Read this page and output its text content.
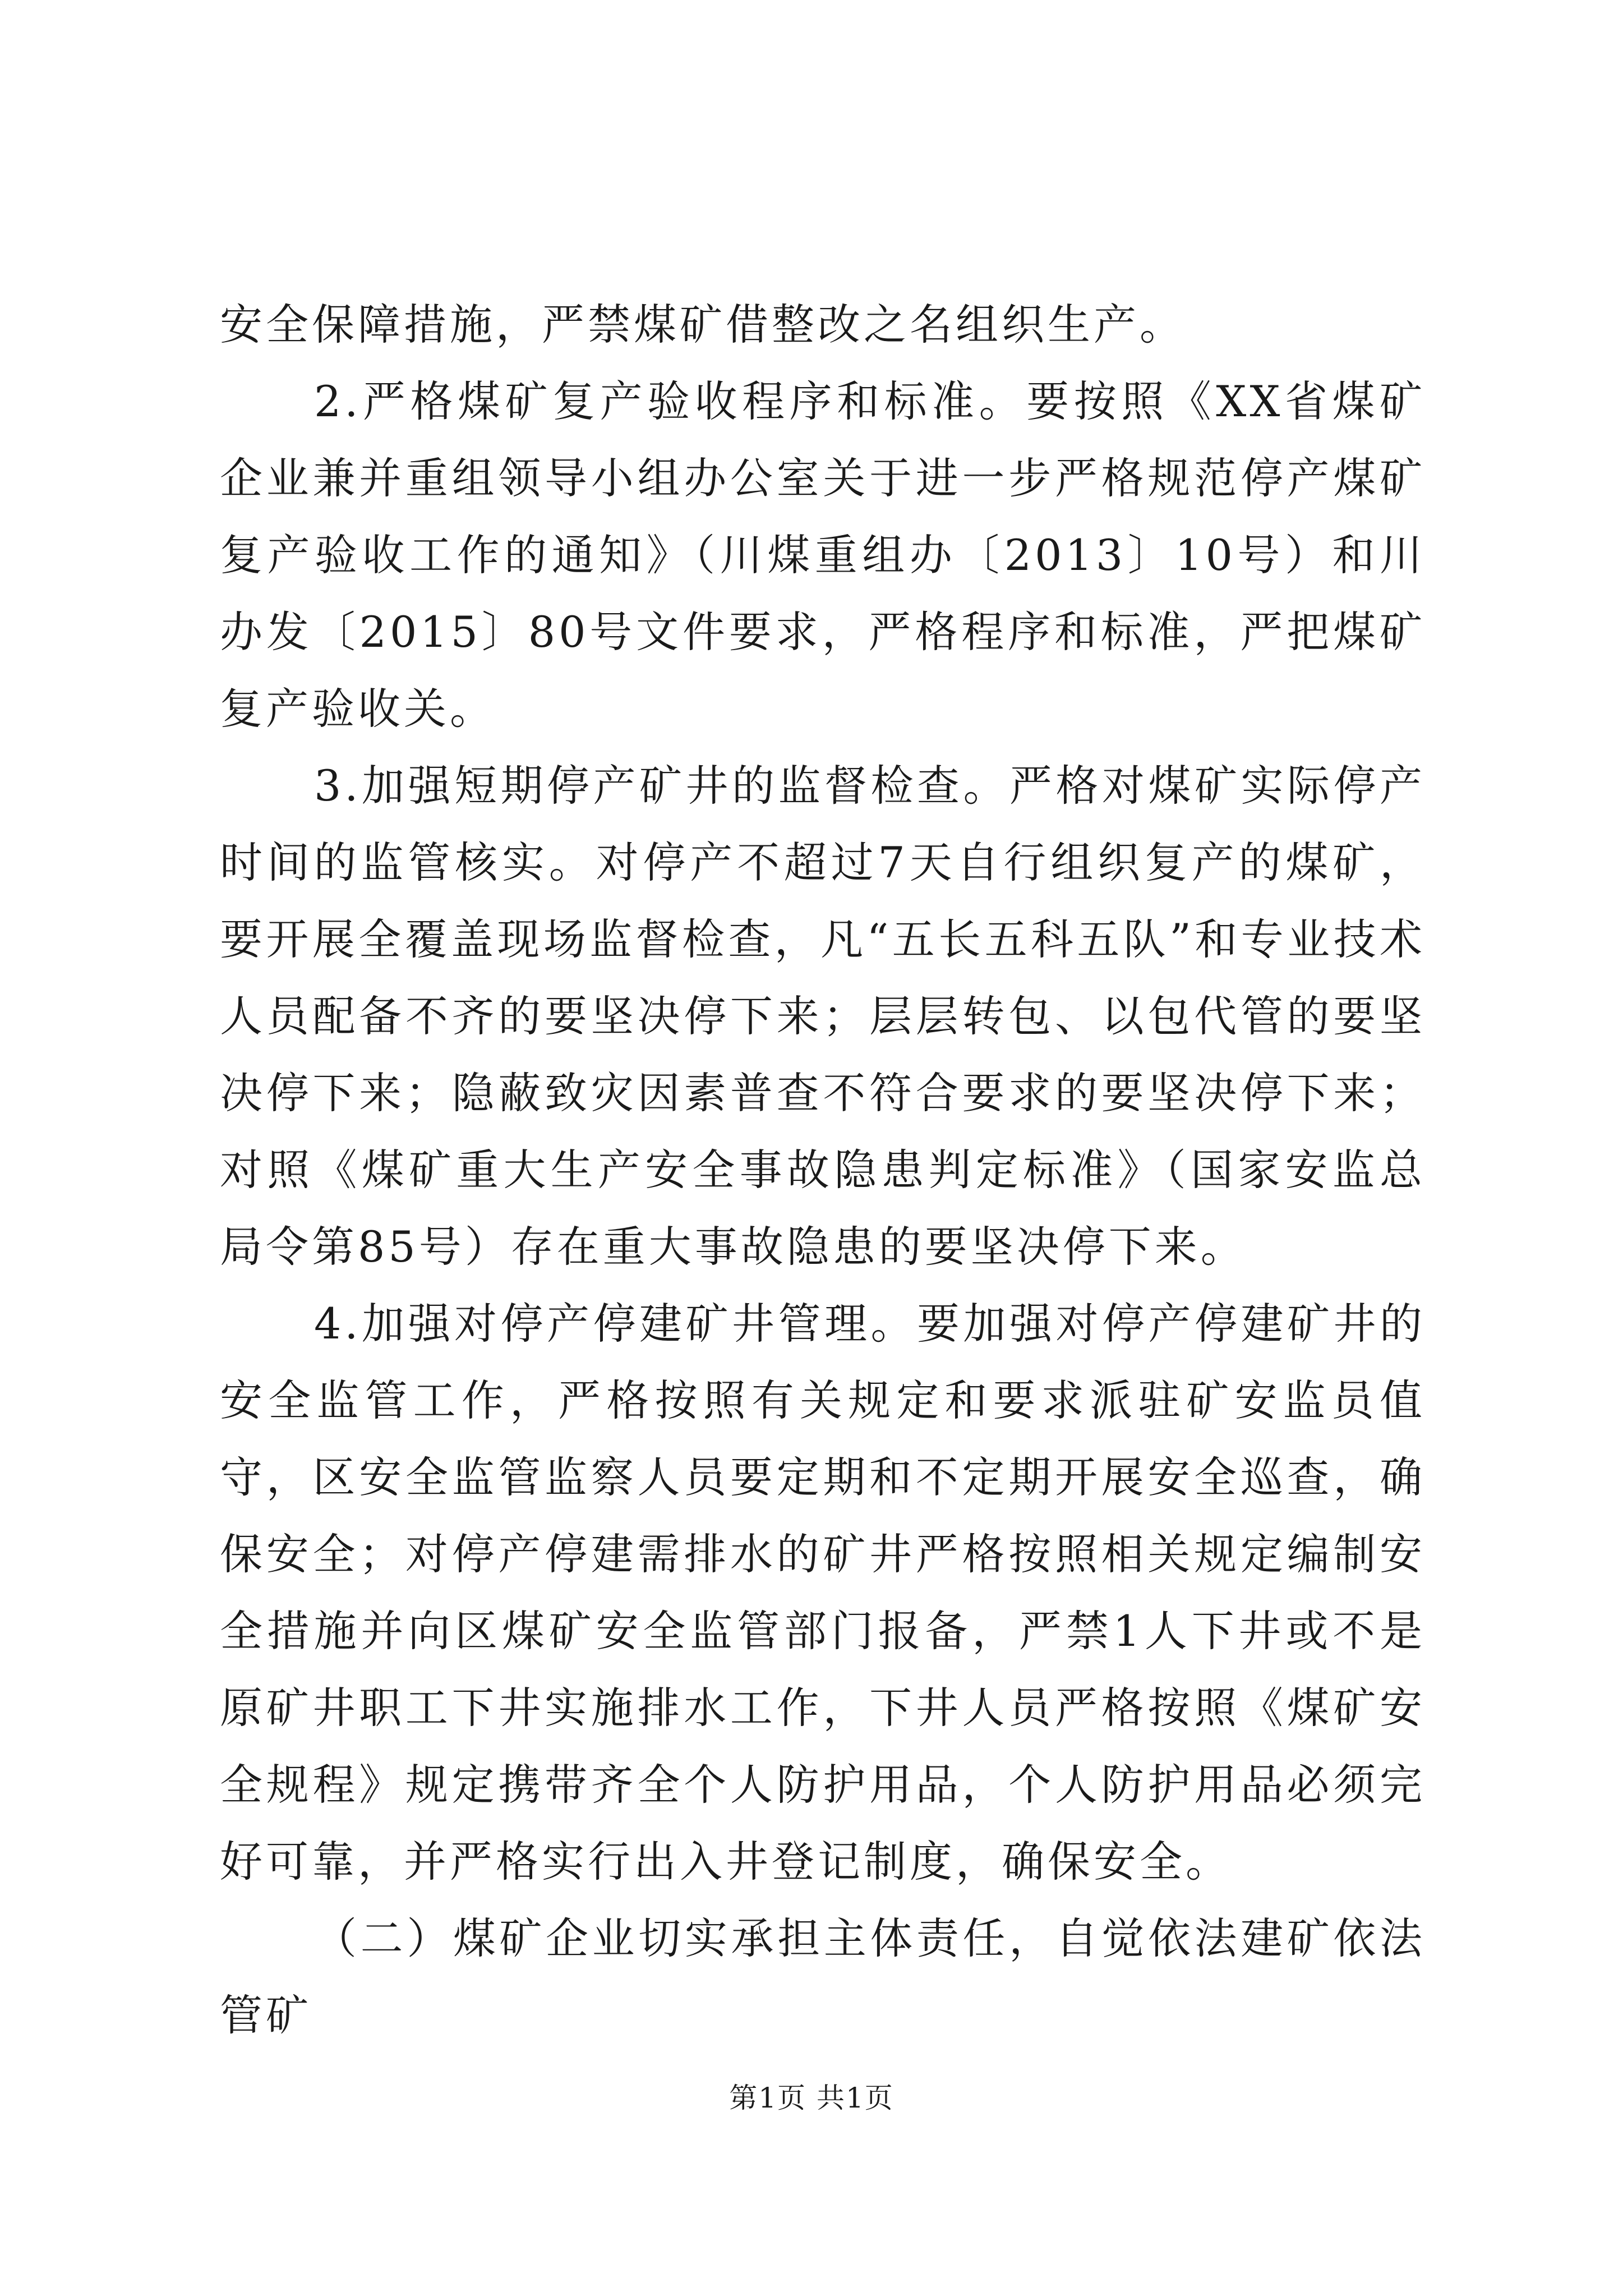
安全保障措施，严禁煤矿借整改之名组织生产。

2.严格煤矿复产验收程序和标准。要按照《XX省煤矿企业兼并重组领导小组办公室关于进一步严格规范停产煤矿复产验收工作的通知》（川煤重组办〔2013〕10号）和川办发〔2015〕80号文件要求，严格程序和标准，严把煤矿复产验收关。

3.加强短期停产矿井的监督检查。严格对煤矿实际停产时间的监管核实。对停产不超过7天自行组织复产的煤矿，要开展全覆盖现场监督检查，凡“五长五科五队”和专业技术人员配备不齐的要坚决停下来；层层转包、以包代管的要坚决停下来；隐蔽致灾因素普查不符合要求的要坚决停下来；对照《煤矿重大生产安全事故隐患判定标准》（国家安监总局令第85号）存在重大事故隐患的要坚决停下来。

4.加强对停产停建矿井管理。要加强对停产停建矿井的安全监管工作，严格按照有关规定和要求派驻矿安监员值守，区安全监管监察人员要定期和不定期开展安全巡查，确保安全；对停产停建需排水的矿井严格按照相关规定编制安全措施并向区煤矿安全监管部门报备，严禁1人下井或不是原矿井职工下井实施排水工作，下井人员严格按照《煤矿安全规程》规定携带齐全个人防护用品，个人防护用品必须完好可靠，并严格实行出入井登记制度，确保安全。

（二）煤矿企业切实承担主体责任，自觉依法建矿依法管矿

第1页 共1页
